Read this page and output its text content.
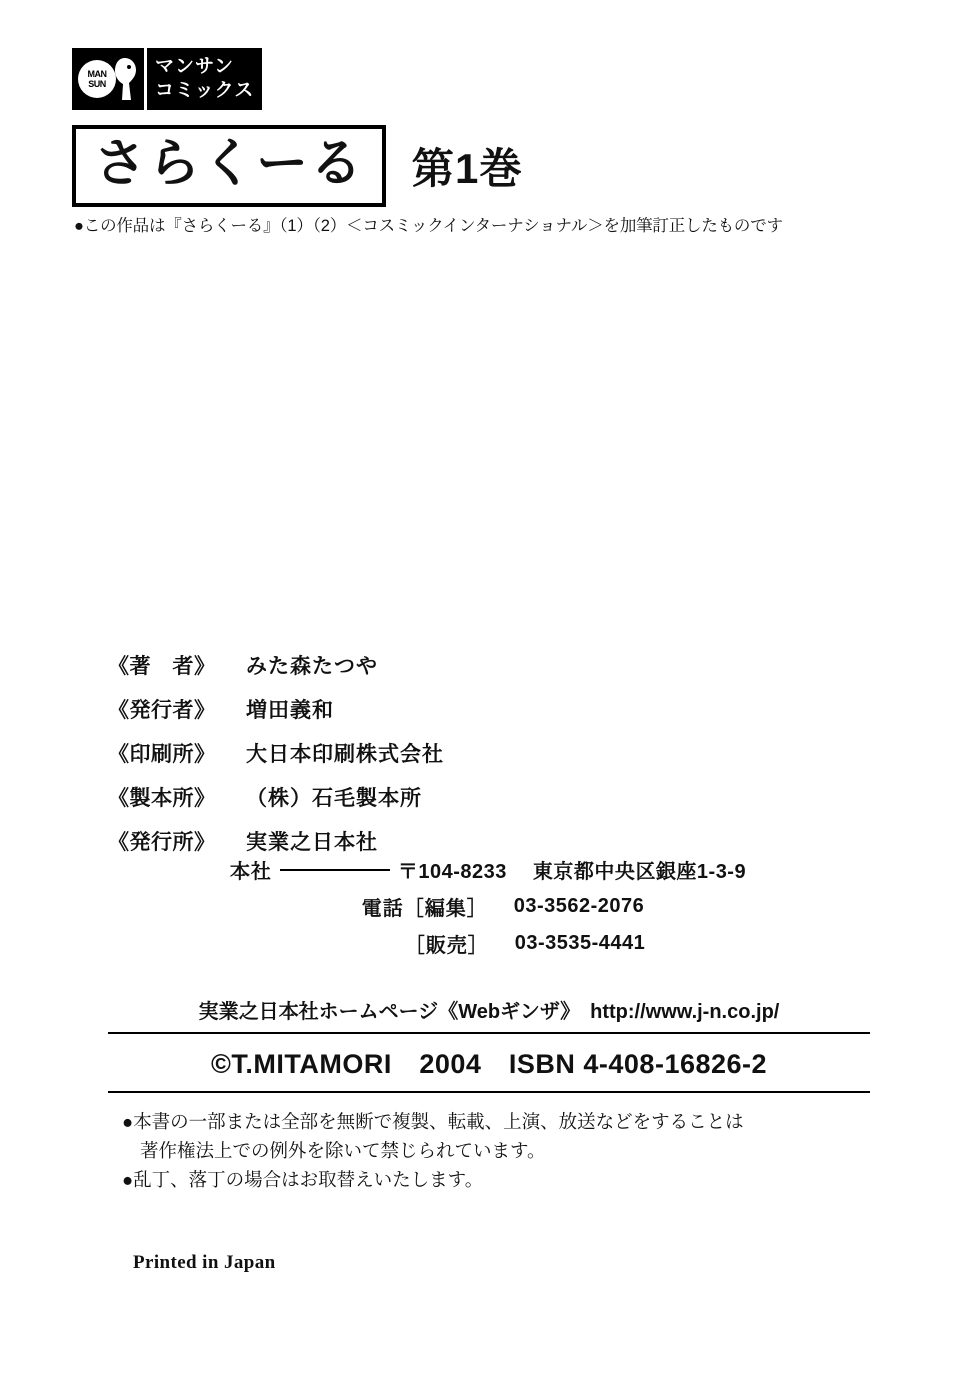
MAN
SUN
マンサン
コミックス
さらくーる	第1巻
●この作品は『さらくーる』（1）（2）＜コスミックインターナショナル＞を加筆訂正したものです
《著　者》	みた森たつや
《発行者》	増田義和
《印刷所》	大日本印刷株式会社
《製本所》	（株）石毛製本所
《発行所》	実業之日本社
本社	〒104‐8233 東京都中央区銀座1‐3‐9
電話［編集］ 03‐3562‐2076
［販売］ 03‐3535‐4441
実業之日本社ホームページ《Webギンザ》　http://www.j-n.co.jp/
©T.MITAMORI　2004　ISBN 4-408-16826-2

●本書の一部または全部を無断で複製、転載、上演、放送などをすることは

著作権法上での例外を除いて禁じられています。

●乱丁、落丁の場合はお取替えいたします。

Printed in Japan
